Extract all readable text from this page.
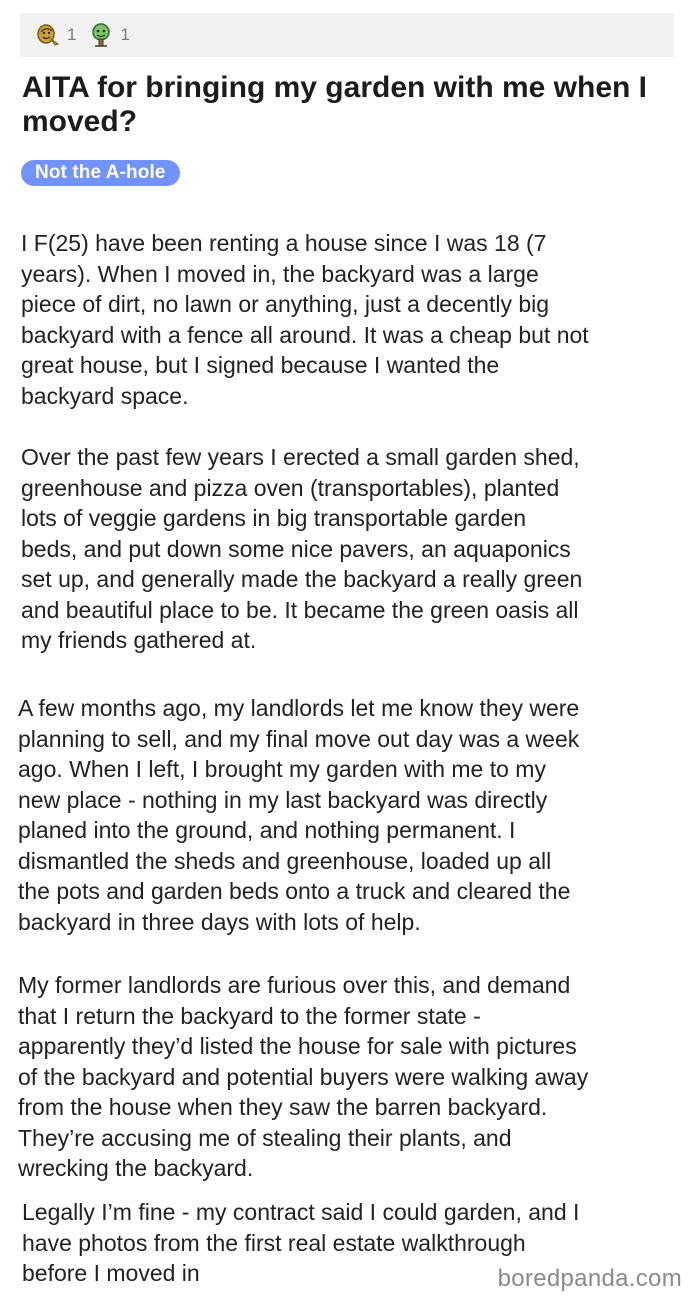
1	1
AITA for bringing my garden with me when I moved?
Not the A-hole

I F(25) have been renting a house since I was 18 (7
years). When I moved in, the backyard was a large
piece of dirt, no lawn or anything, just a decently big
backyard with a fence all around. It was a cheap but not
great house, but I signed because I wanted the
backyard space.

Over the past few years I erected a small garden shed,
greenhouse and pizza oven (transportables), planted
lots of veggie gardens in big transportable garden
beds, and put down some nice pavers, an aquaponics
set up, and generally made the backyard a really green
and beautiful place to be. It became the green oasis all
my friends gathered at.

A few months ago, my landlords let me know they were
planning to sell, and my final move out day was a week
ago. When I left, I brought my garden with me to my
new place - nothing in my last backyard was directly
planed into the ground, and nothing permanent. I
dismantled the sheds and greenhouse, loaded up all
the pots and garden beds onto a truck and cleared the
backyard in three days with lots of help.

My former landlords are furious over this, and demand
that I return the backyard to the former state -
apparently they’d listed the house for sale with pictures
of the backyard and potential buyers were walking away
from the house when they saw the barren backyard.
They’re accusing me of stealing their plants, and
wrecking the backyard.

Legally I’m fine - my contract said I could garden, and I
have photos from the first real estate walkthrough
before I moved in	boredpanda.com
